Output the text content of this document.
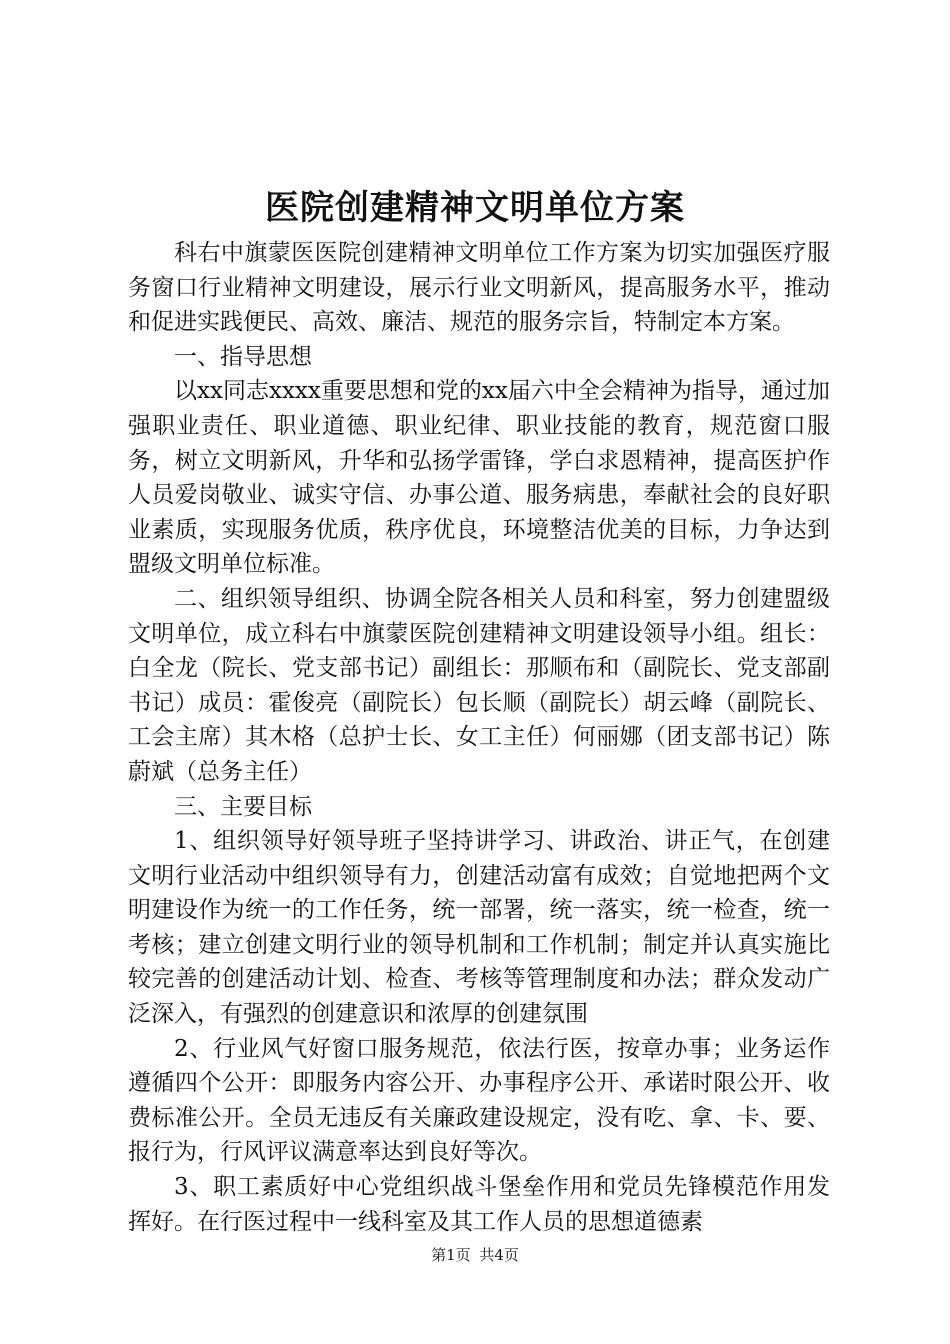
医院创建精神文明单位方案

科右中旗蒙医医院创建精神文明单位工作方案为切实加强医疗服务窗口行业精神文明建设，展示行业文明新风，提高服务水平，推动和促进实践便民、高效、廉洁、规范的服务宗旨，特制定本方案。

一、指导思想

以xx同志xxxx重要思想和党的xx届六中全会精神为指导，通过加强职业责任、职业道德、职业纪律、职业技能的教育，规范窗口服务，树立文明新风，升华和弘扬学雷锋，学白求恩精神，提高医护作人员爱岗敬业、诚实守信、办事公道、服务病患，奉献社会的良好职业素质，实现服务优质，秩序优良，环境整洁优美的目标，力争达到盟级文明单位标准。

二、组织领导组织、协调全院各相关人员和科室，努力创建盟级文明单位，成立科右中旗蒙医院创建精神文明建设领导小组。组长：白全龙（院长、党支部书记）副组长：那顺布和（副院长、党支部副书记）成员：霍俊亮（副院长）包长顺（副院长）胡云峰（副院长、工会主席）其木格（总护士长、女工主任）何丽娜（团支部书记）陈蔚斌（总务主任）

三、主要目标

1、组织领导好领导班子坚持讲学习、讲政治、讲正气，在创建文明行业活动中组织领导有力，创建活动富有成效；自觉地把两个文明建设作为统一的工作任务，统一部署，统一落实，统一检查，统一考核；建立创建文明行业的领导机制和工作机制；制定并认真实施比较完善的创建活动计划、检查、考核等管理制度和办法；群众发动广泛深入，有强烈的创建意识和浓厚的创建氛围

2、行业风气好窗口服务规范，依法行医，按章办事；业务运作遵循四个公开：即服务内容公开、办事程序公开、承诺时限公开、收费标准公开。全员无违反有关廉政建设规定，没有吃、拿、卡、要、报行为，行风评议满意率达到良好等次。

3、职工素质好中心党组织战斗堡垒作用和党员先锋模范作用发挥好。在行医过程中一线科室及其工作人员的思想道德素

第1页 共4页
